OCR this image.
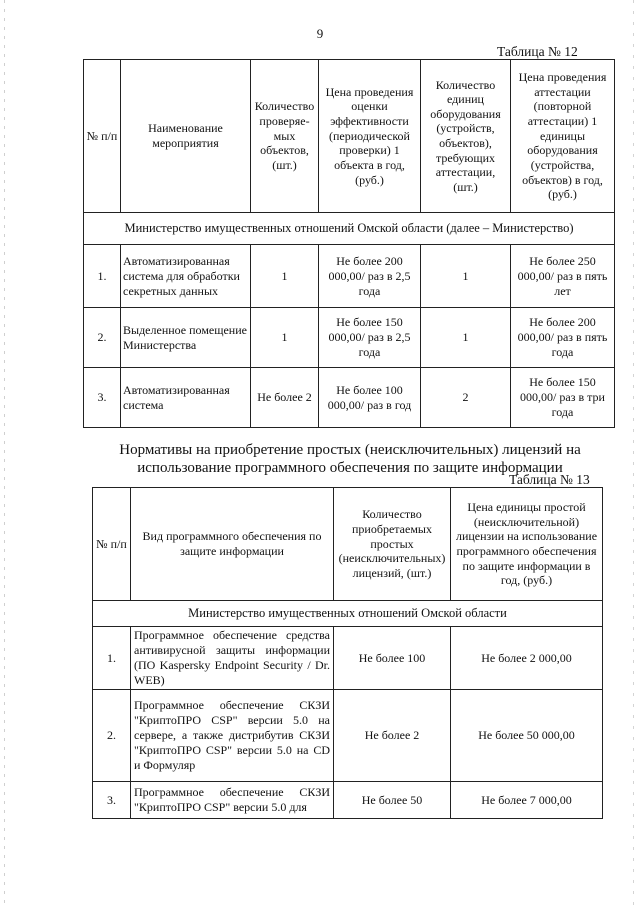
9
Таблица № 12
№ п/п	Наименование мероприятия	Количество проверяе-мых объектов, (шт.)	Цена проведения оценки эффективности (периодической проверки) 1 объекта в год, (руб.)	Количество единиц оборудования (устройств, объектов), требующих аттестации, (шт.)	Цена проведения аттестации (повторной аттестации) 1 единицы оборудования (устройства, объектов) в год, (руб.)
Министерство имущественных отношений Омской области (далее – Министерство)					
1.	Автоматизированная система для обработки секретных данных	1	Не более 200 000,00/ раз в 2,5 года	1	Не более 250 000,00/ раз в пять лет
2.	Выделенное помещение Министерства	1	Не более 150 000,00/ раз в 2,5 года	1	Не более 200 000,00/ раз в пять года
3.	Автоматизированная система	Не более 2	Не более 100 000,00/ раз в год	2	Не более 150 000,00/ раз в три года
Нормативы на приобретение простых (неисключительных) лицензий на использование программного обеспечения по защите информации
Таблица № 13
№ п/п	Вид программного обеспечения по защите информации	Количество приобретаемых простых (неисключительных) лицензий, (шт.)	Цена единицы простой (неисключительной) лицензии на использование программного обеспечения по защите информации в год, (руб.)
Министерство имущественных отношений Омской области			
1.	Программное обеспечение средства антивирусной защиты информации (ПО Kaspersky Endpoint Security / Dr. WEB)	Не более 100	Не более 2 000,00
2.	Программное обеспечение СКЗИ "КриптоПРО CSP" версии 5.0 на сервере, а также дистрибутив СКЗИ "КриптоПРО CSP" версии 5.0 на CD и Формуляр	Не более 2	Не более 50 000,00
3.	Программное обеспечение СКЗИ "КриптоПРО CSP" версии 5.0 для	Не более 50	Не более 7 000,00
